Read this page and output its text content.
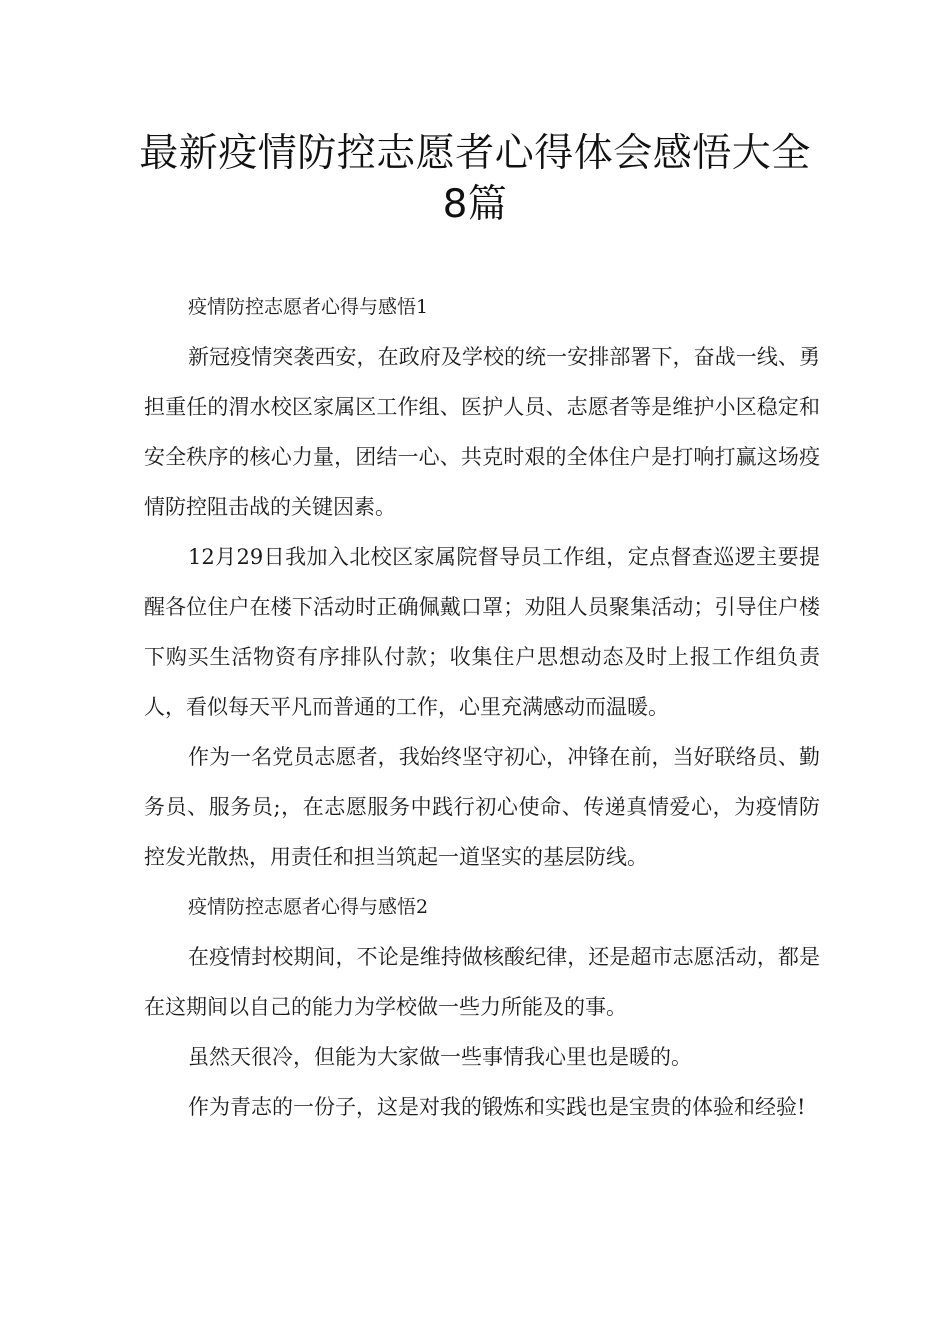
最新疫情防控志愿者心得体会感悟大全
8篇

疫情防控志愿者心得与感悟1

新冠疫情突袭西安，在政府及学校的统一安排部署下，奋战一线、勇担重任的渭水校区家属区工作组、医护人员、志愿者等是维护小区稳定和安全秩序的核心力量，团结一心、共克时艰的全体住户是打响打赢这场疫情防控阻击战的关键因素。

12月29日我加入北校区家属院督导员工作组，定点督查巡逻主要提醒各位住户在楼下活动时正确佩戴口罩；劝阻人员聚集活动；引导住户楼下购买生活物资有序排队付款；收集住户思想动态及时上报工作组负责人，看似每天平凡而普通的工作，心里充满感动而温暖。

作为一名党员志愿者，我始终坚守初心，冲锋在前，当好联络员、勤务员、服务员;，在志愿服务中践行初心使命、传递真情爱心，为疫情防控发光散热，用责任和担当筑起一道坚实的基层防线。

疫情防控志愿者心得与感悟2

在疫情封校期间，不论是维持做核酸纪律，还是超市志愿活动，都是在这期间以自己的能力为学校做一些力所能及的事。

虽然天很冷，但能为大家做一些事情我心里也是暖的。

作为青志的一份子，这是对我的锻炼和实践也是宝贵的体验和经验!
